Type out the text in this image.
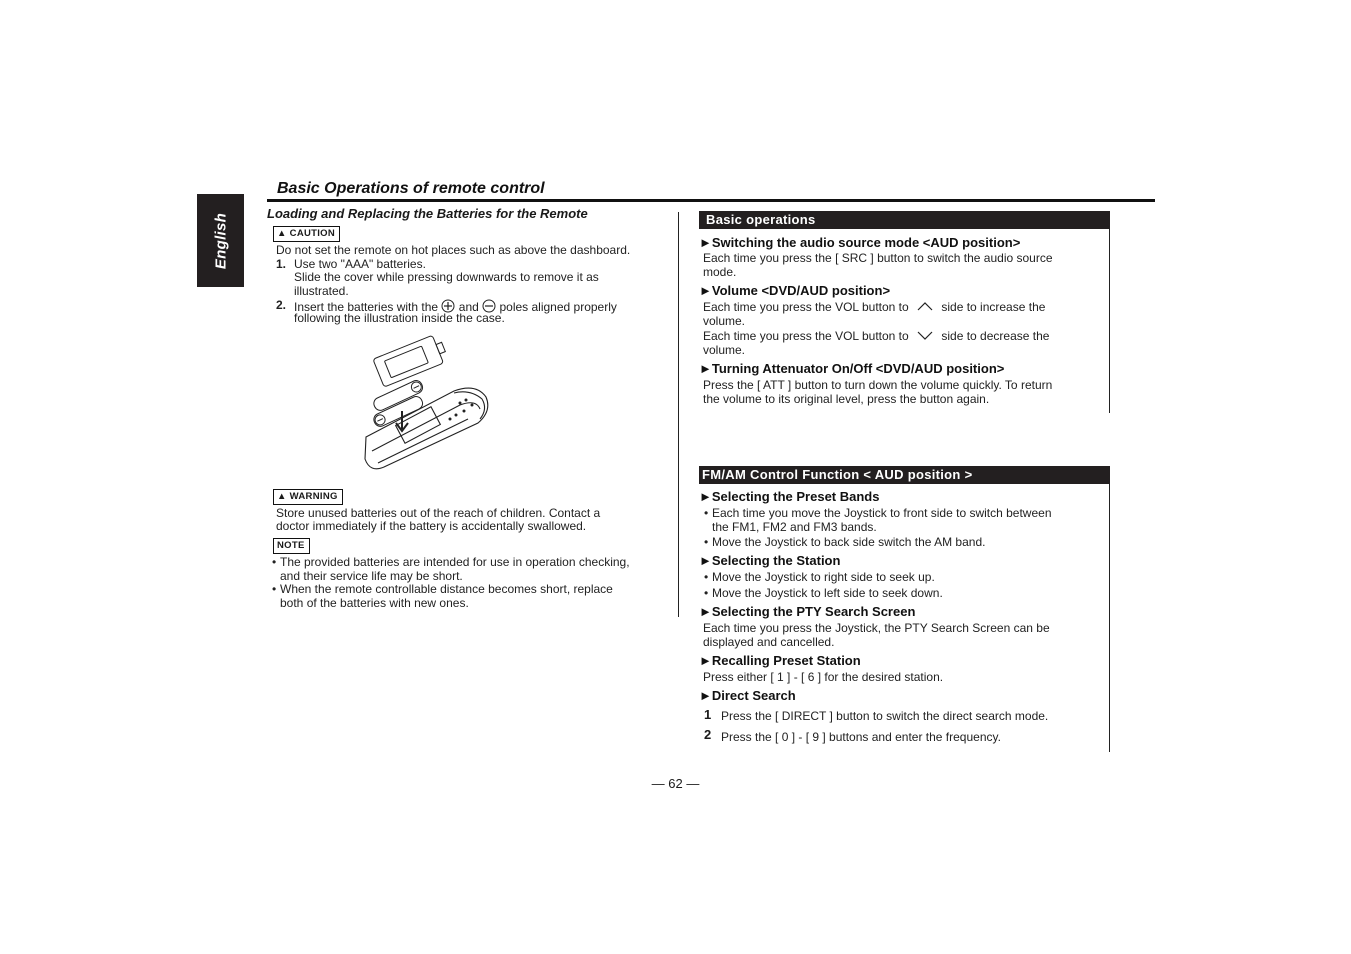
English
Basic Operations of remote control
Loading and Replacing the Batteries for the Remote
▲ CAUTION
Do not set the remote on hot places such as above the dashboard.
1. Use two "AAA" batteries.
Slide the cover while pressing downwards to remove it as
illustrated.
2. Insert the batteries with the and poles aligned properly
following the illustration inside the case.
▲ WARNING
Store unused batteries out of the reach of children. Contact a
doctor immediately if the battery is accidentally swallowed.
NOTE
• The provided batteries are intended for use in operation checking,
and their service life may be short.
• When the remote controllable distance becomes short, replace
both of the batteries with new ones.
Basic operations
►Switching the audio source mode <AUD position>
Each time you press the [ SRC ] button to switch the audio source
mode.
►Volume <DVD/AUD position>
Each time you press the VOL button to	side to increase the
volume.
Each time you press the VOL button to	side to decrease the
volume.
►Turning Attenuator On/Off <DVD/AUD position>
Press the [ ATT ] button to turn down the volume quickly. To return
the volume to its original level, press the button again.
FM/AM Control Function < AUD position >
►Selecting the Preset Bands
• Each time you move the Joystick to front side to switch between
the FM1, FM2 and FM3 bands.
• Move the Joystick to back side switch the AM band.
►Selecting the Station
• Move the Joystick to right side to seek up.
• Move the Joystick to left side to seek down.
►Selecting the PTY Search Screen
Each time you press the Joystick, the PTY Search Screen can be
displayed and cancelled.
►Recalling Preset Station
Press either [ 1 ] - [ 6 ] for the desired station.
►Direct Search
1 Press the [ DIRECT ] button to switch the direct search mode.
2 Press the [ 0 ] - [ 9 ] buttons and enter the frequency.
— 62 —
